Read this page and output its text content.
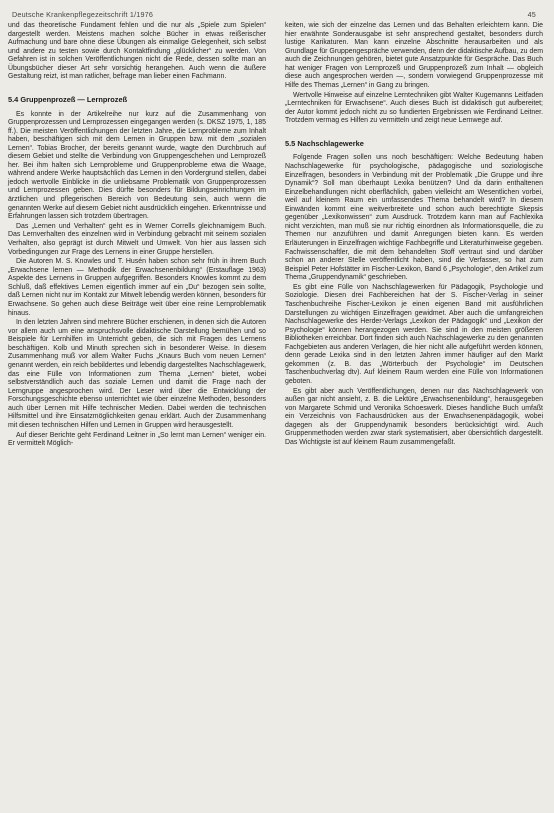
Deutsche Krankenpflegezeitschrift 1/1976	45

und das theoretische Fundament fehlen und die nur als „Spiele zum Spielen“ dargestellt werden. Meistens machen solche Bücher in etwas reißerischer Aufmachung und bare ohne diese Übungen als einmalige Gelegenheit, sich selbst und andere zu testen sowie durch Kontaktfindung „glücklicher“ zu werden. Von Gefahren ist in solchen Veröffentlichungen nicht die Rede, dessen sollte man an Übungsbücher dieser Art sehr vorsichtig herangehen. Auch wenn die äußere Gestaltung reizt, ist man ratlicher, befrage man lieber einen Fachmann.

5.4 Gruppenprozeß — Lernprozeß

Es konnte in der Artikelreihe nur kurz auf die Zusammenhang von Gruppenprozessen und Lernprozessen eingegangen werden (s. DKSZ 1975, 1, 185 ff.). Die meisten Veröffentlichungen der letzten Jahre, die Lernprobleme zum Inhalt haben, beschäftigen sich mit dem Lernen in Gruppen bzw. mit dem „sozialen Lernen“. Tobias Brocher, der bereits genannt wurde, wagte den Durchbruch auf diesem Gebiet und stellte die Verbindung von Gruppengeschehen und Lernprozeß her. Bei ihm halten sich Lernprobleme und Gruppenprobleme etwa die Waage, während andere Werke hauptsächlich das Lernen in den Vordergrund stellen, dabei jedoch wertvolle Einblicke in die unliebsame Problematik von Gruppenprozessen und Lernprozessen geben. Dies dürfte besonders für Bildungseinrichtungen im ärztlichen und pflegerischen Bereich von Bedeutung sein, auch wenn die genannten Werke auf diesem Gebiet nicht ausdrücklich eingehen. Erkenntnisse und Erfahrungen lassen sich trotzdem übertragen.

Das „Lernen und Verhalten“ geht es in Werner Corrells gleichnamigem Buch. Das Lernverhalten des einzelnen wird in Verbindung gebracht mit seinem sozialen Verhalten, also geprägt ist durch Mitwelt und Umwelt. Von hier aus lassen sich Vorbedingungen zur Frage des Lernens in einer Gruppe herstellen.

Die Autoren M. S. Knowles und T. Husén haben schon sehr früh in ihrem Buch „Erwachsene lernen — Methodik der Erwachsenenbildung“ (Erstauflage 1963) Aspekte des Lernens in Gruppen aufgegriffen. Besonders Knowles kommt zu dem Schluß, daß effektives Lernen eigentlich immer auf ein „Du“ bezogen sein sollte, daß Lernen nicht nur im Kontakt zur Mitwelt lebendig werden können, besonders für Erwachsene. So gehen auch diese Beiträge weit über eine reine Lernproblematik hinaus.

In den letzten Jahren sind mehrere Bücher erschienen, in denen sich die Autoren vor allem auch um eine anspruchsvolle didaktische Darstellung bemühen und so Beispiele für Lernhilfen im Unterricht geben, die sich mit Fragen des Lernens beschäftigen. Kolb und Minuth sprechen sich in besonderer Weise. In diesem Zusammenhang muß vor allem Walter Fuchs „Knaurs Buch vom neuen Lernen“ genannt werden, ein reich bebildertes und lebendig dargestelltes Nachschlagewerk, das eine Fülle von Informationen zum Thema „Lernen“ bietet, wobei selbstverständlich auch das soziale Lernen und damit die Frage nach der Lerngruppe angesprochen wird. Der Leser wird über die Entwicklung der Forschungsgeschichte ebenso unterrichtet wie über einzelne Methoden, besonders auch über Lernen mit Hilfe technischer Medien. Dabei werden die technischen Hilfsmittel und ihre Einsatzmöglichkeiten genau erklärt. Auch der Zusammenhang mit diesen technischen Hilfen und Lernen in Gruppen wird herausgestellt.

Auf dieser Berichte geht Ferdinand Leitner in „So lernt man Lernen“ weniger ein. Er vermittelt Möglich-

keiten, wie sich der einzelne das Lernen und das Behalten erleichtern kann. Die hier erwähnte Sonderausgabe ist sehr ansprechend gestaltet, besonders durch lustige Karikaturen. Man kann einzelne Abschnitte herausarbeiten und als Grundlage für Gruppengespräche verwenden, denn der didaktische Aufbau, zu dem auch die Zeichnungen gehören, bietet gute Ansatzpunkte für Gespräche. Das Buch hat weniger Fragen von Lernprozeß und Gruppenprozeß zum Inhalt — obgleich diese auch angesprochen werden —, sondern vorwiegend Gruppenprozesse mit Hilfe des Themas „Lernen“ in Gang zu bringen.

Wertvolle Hinweise auf einzelne Lerntechniken gibt Walter Kugemanns Leitfaden „Lerntechniken für Erwachsene“. Auch dieses Buch ist didaktisch gut aufbereitet; der Autor kommt jedoch nicht zu so fundierten Ergebnissen wie Ferdinand Leitner. Trotzdem vermag es Hilfen zu vermitteln und zeigt neue Lernwege auf.

5.5 Nachschlagewerke

Folgende Fragen sollen uns noch beschäftigen: Welche Bedeutung haben Nachschlagewerke für psychologische, pädagogische und soziologische Einzelfragen, besonders in Verbindung mit der Problematik „Die Gruppe und ihre Dynamik“? Soll man überhaupt Lexika benützen? Und da darin enthaltenen Einzelbehandlungen nicht oberflächlich, gaben vielleicht am Wesentlichen vorbei, weil auf kleinem Raum ein umfassendes Thema behandelt wird? In diesem Einwänden kommt eine weitverbreitete und schon auch berechtigte Skepsis gegenüber „Lexikonwissen“ zum Ausdruck. Trotzdem kann man auf Fachlexika nicht verzichten, man muß sie nur richtig einordnen als Informationsquelle, die zu Themen nur anzuführen und damit Anregungen bieten kann. Es werden Erläuterungen in Einzelfragen wichtige Fachbegriffe und Literaturhinweise gegeben. Fachwissenschaftler, die mit dem behandelten Stoff vertraut sind und darüber schon an anderer Stelle veröffentlicht haben, sind die Verfasser, so hat zum Beispiel Peter Hofstätter im Fischer-Lexikon, Band 6 „Psychologie“, den Artikel zum Thema „Gruppendynamik“ geschrieben.

Es gibt eine Fülle von Nachschlagewerken für Pädagogik, Psychologie und Soziologie. Diesen drei Fachbereichen hat der S. Fischer-Verlag in seiner Taschenbuchreihe Fischer-Lexikon je einen eigenen Band mit ausführlichen Darstellungen zu wichtigen Einzelfragen gewidmet. Aber auch die umfangreichen Nachschlagewerke des Herder-Verlags „Lexikon der Pädagogik“ und „Lexikon der Psychologie“ können herangezogen werden. Sie sind in den meisten größeren Bibliotheken erreichbar. Dort finden sich auch Nachschlagewerke zu den genannten Fachgebieten aus anderen Verlagen, die hier nicht alle aufgeführt werden können, denn gerade Lexika sind in den letzten Jahren immer häufiger auf den Markt gekommen (z. B. das „Wörterbuch der Psychologie“ im Deutschen Taschenbuchverlag dtv). Auf kleinem Raum werden eine Fülle von Informationen geboten.

Es gibt aber auch Veröffentlichungen, denen nur das Nachschlagewerk von außen gar nicht ansieht, z. B. die Lektüre „Erwachsenenbildung“, herausgegeben von Margarete Schmid und Veronika Schoeswerk. Dieses handliche Buch umfaßt ein Verzeichnis von Fachausdrücken aus der Erwachsenenpädagogik, wobei dagegen als der Gruppendynamik besonders berücksichtigt wird. Auch Gruppenmethoden werden zwar stark systematisiert, aber übersichtlich dargestellt. Das Wichtigste ist auf kleinem Raum zusammengefaßt.
